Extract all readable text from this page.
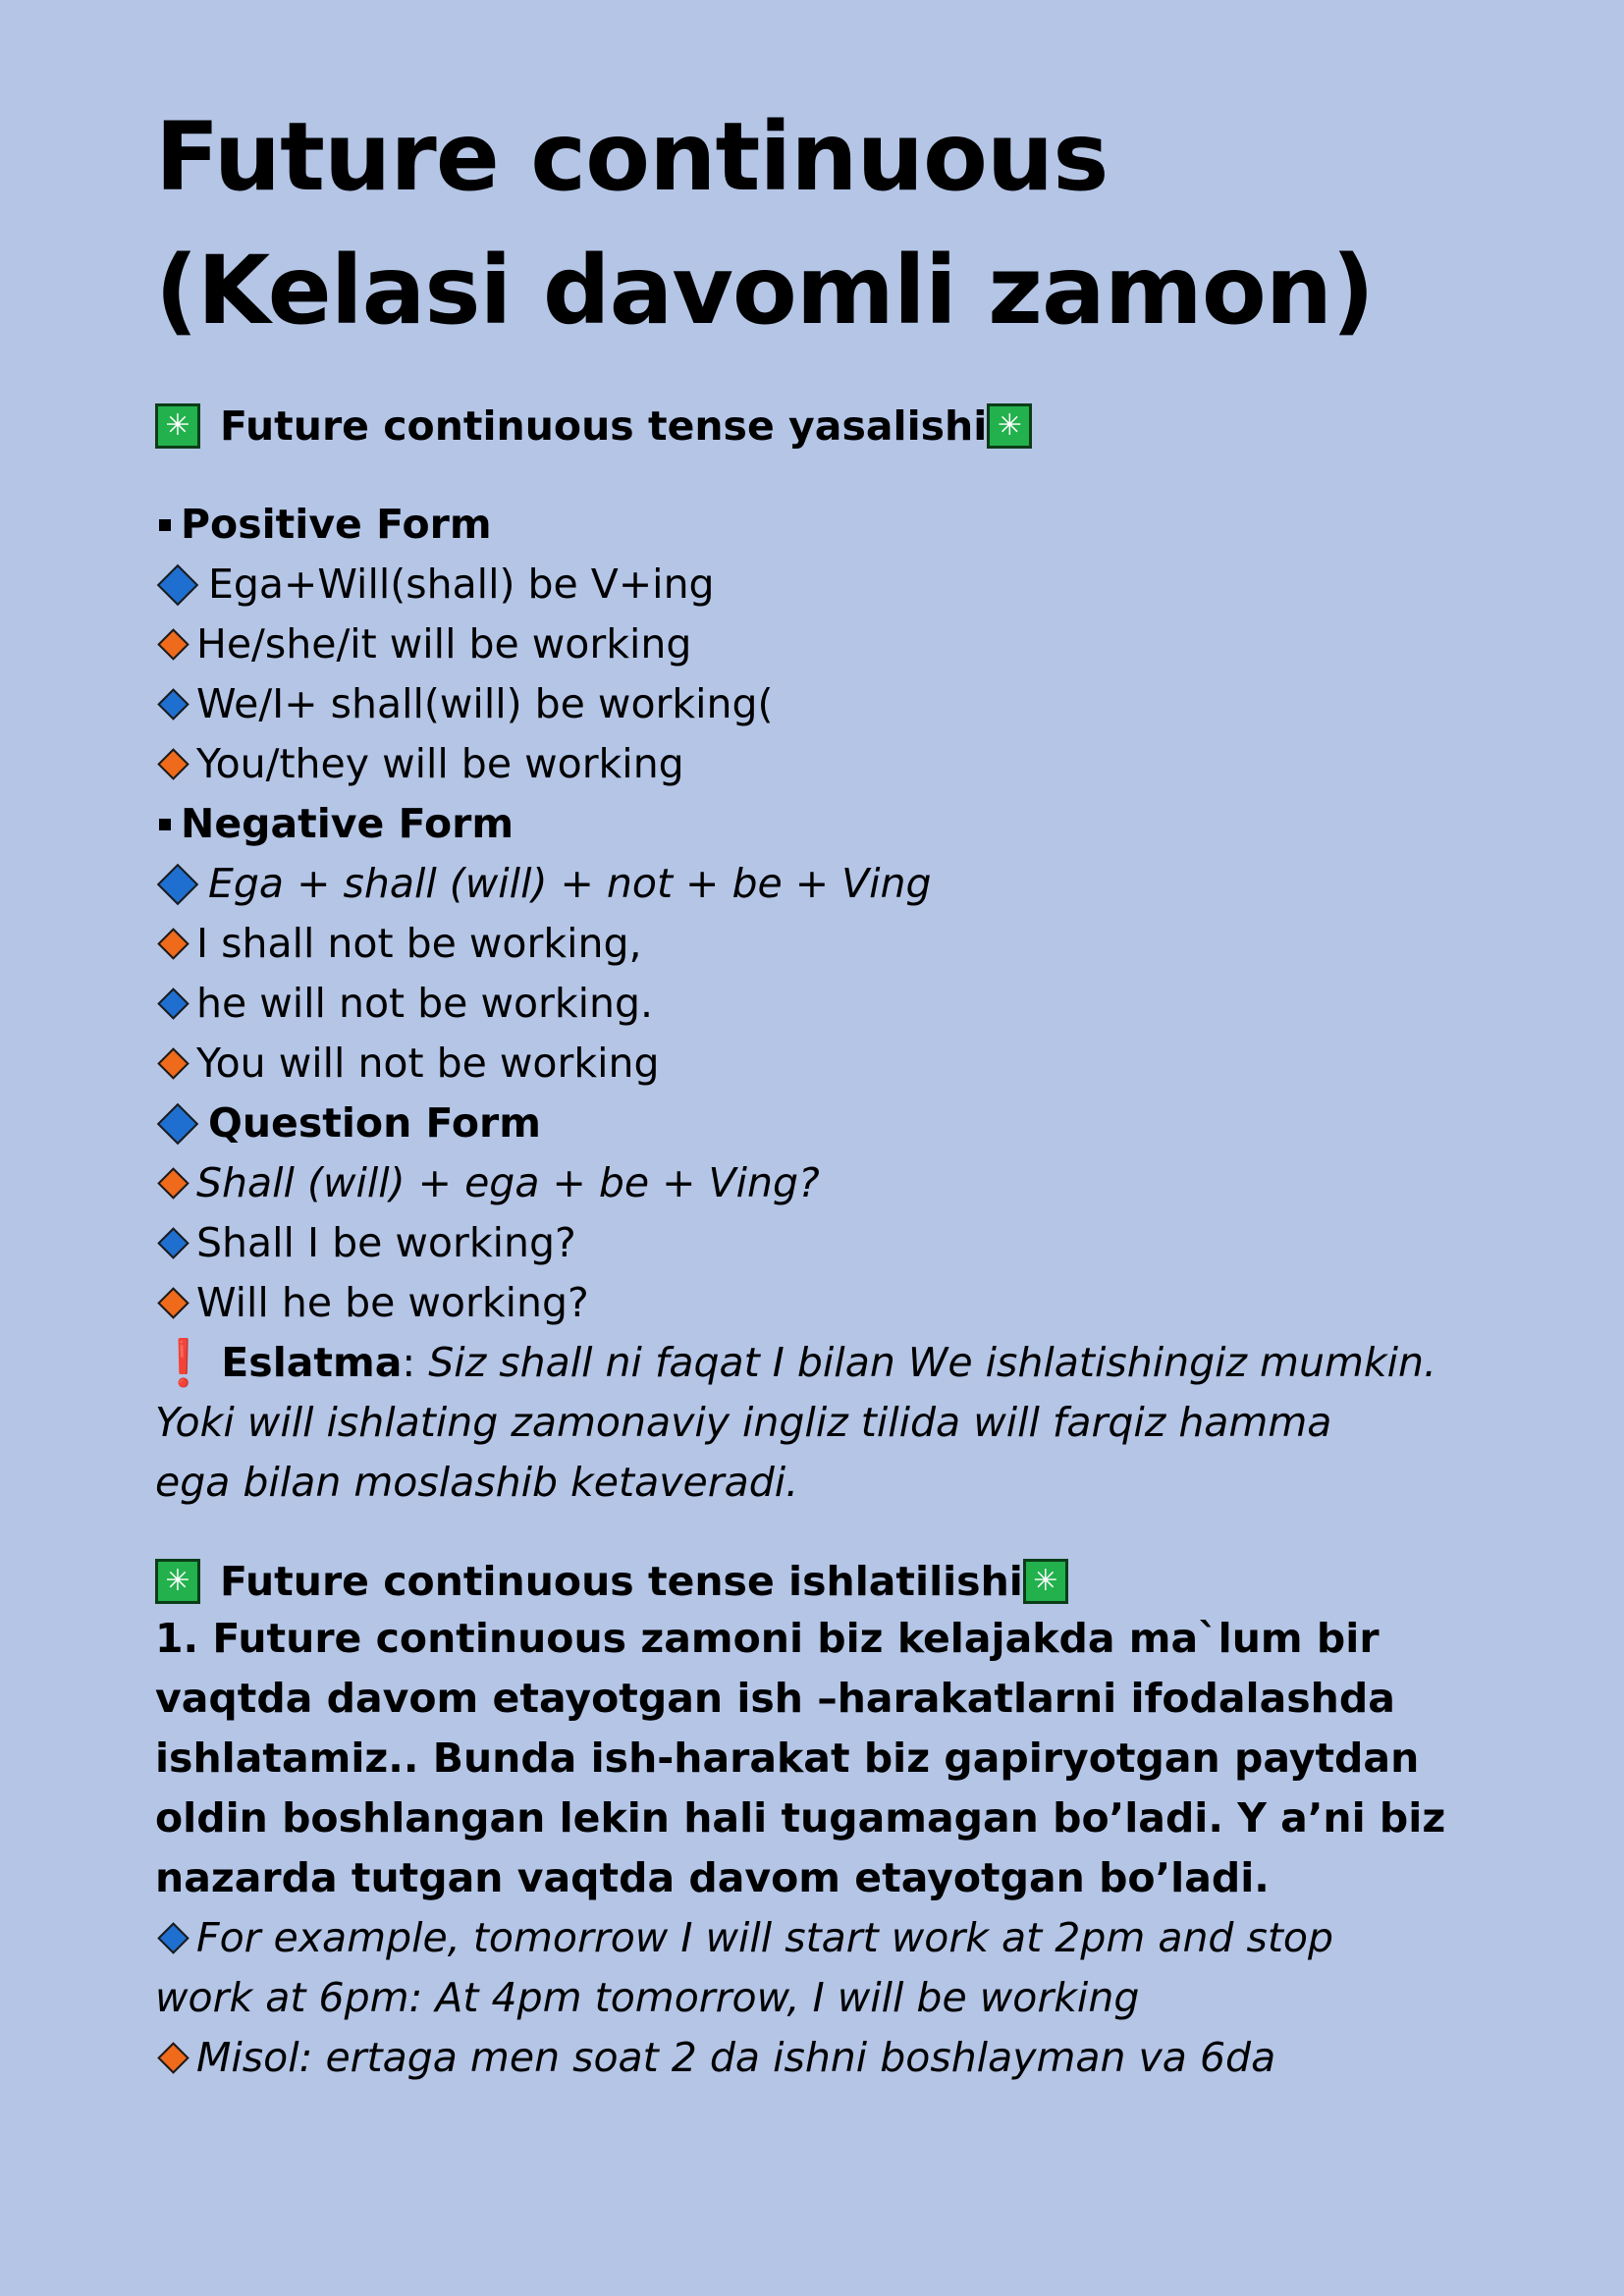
Future continuous
(Kelasi davomli zamon)
✳
Future continuous tense yasalishi
✳
Positive Form
Ega+Will(shall) be V+ing
He/she/it will be working
We/I+ shall(will) be working(
You/they will be working
Negative Form
Ega + shall (will) + not + be + Ving
I shall not be working,
he will not be working.
You will not be working
Question Form
Shall (will) + ega + be + Ving?
Shall I be working?
Will he be working?
❗ Eslatma :
Siz shall ni faqat I bilan We ishlatishingiz mumkin.
Yoki will ishlating zamonaviy ingliz tilida will farqiz hamma
ega bilan moslashib ketaveradi.
✳
Future continuous tense ishlatilishi
✳
1. Future continuous zamoni biz kelajakda ma`lum bir
vaqtda davom etayotgan ish –harakatlarni ifodalashda
ishlatamiz.. Bunda ish-harakat biz gapiryotgan paytdan
oldin boshlangan lekin hali tugamagan bo’ladi. Y a’ni biz
nazarda tutgan vaqtda davom etayotgan bo’ladi.
For example, tomorrow I will start work at 2pm and stop
work at 6pm: At 4pm tomorrow, I will be working
Misol: ertaga men soat 2 da ishni boshlayman va 6da
